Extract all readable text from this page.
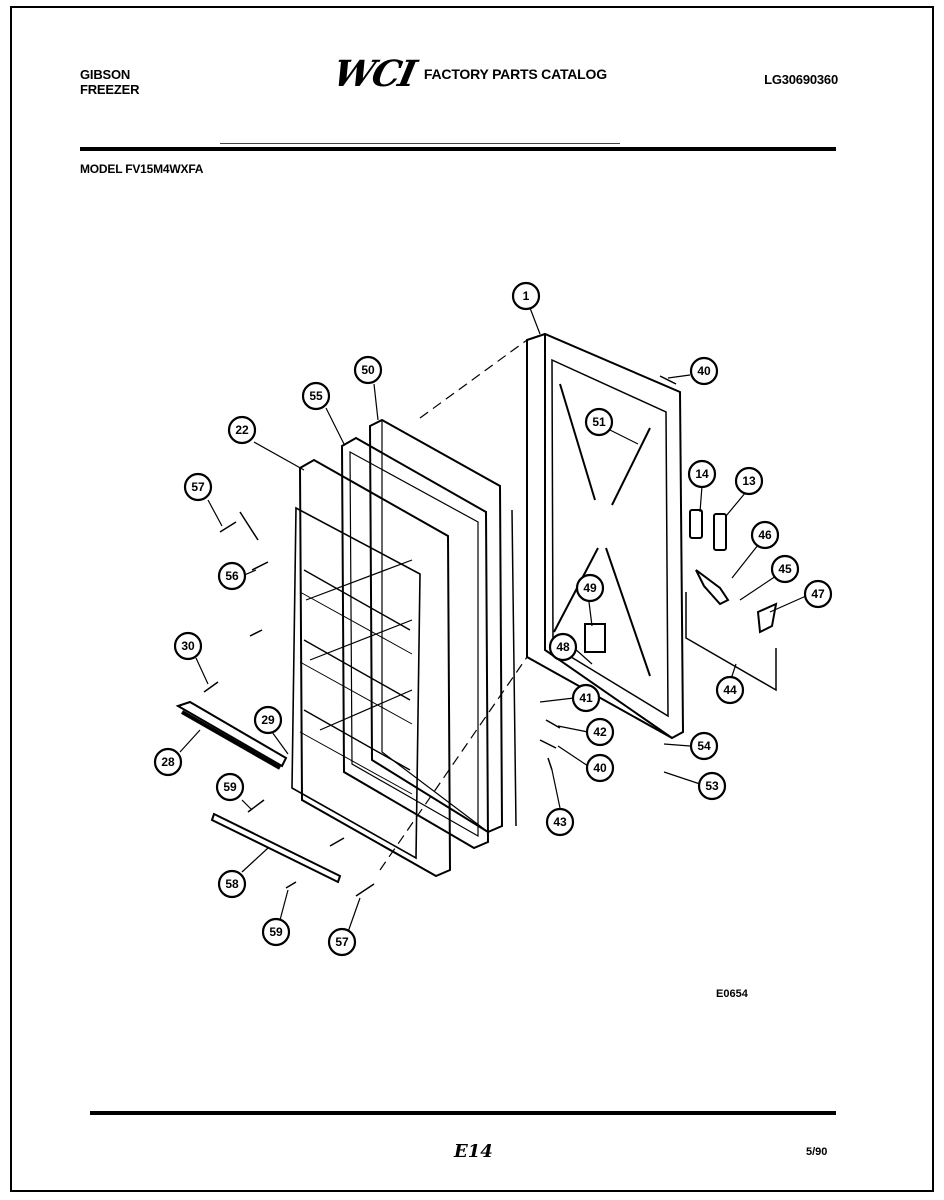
GIBSON
FREEZER	WCI FACTORY PARTS CATALOG	LG30690360
MODEL FV15M4WXFA
1
40
51
14	13
46
45
47
49
48
44
41
42
40
54
53
43
50
55
22
57
56
30
28
29
59
58
59
57
E0654
E14	5/90
